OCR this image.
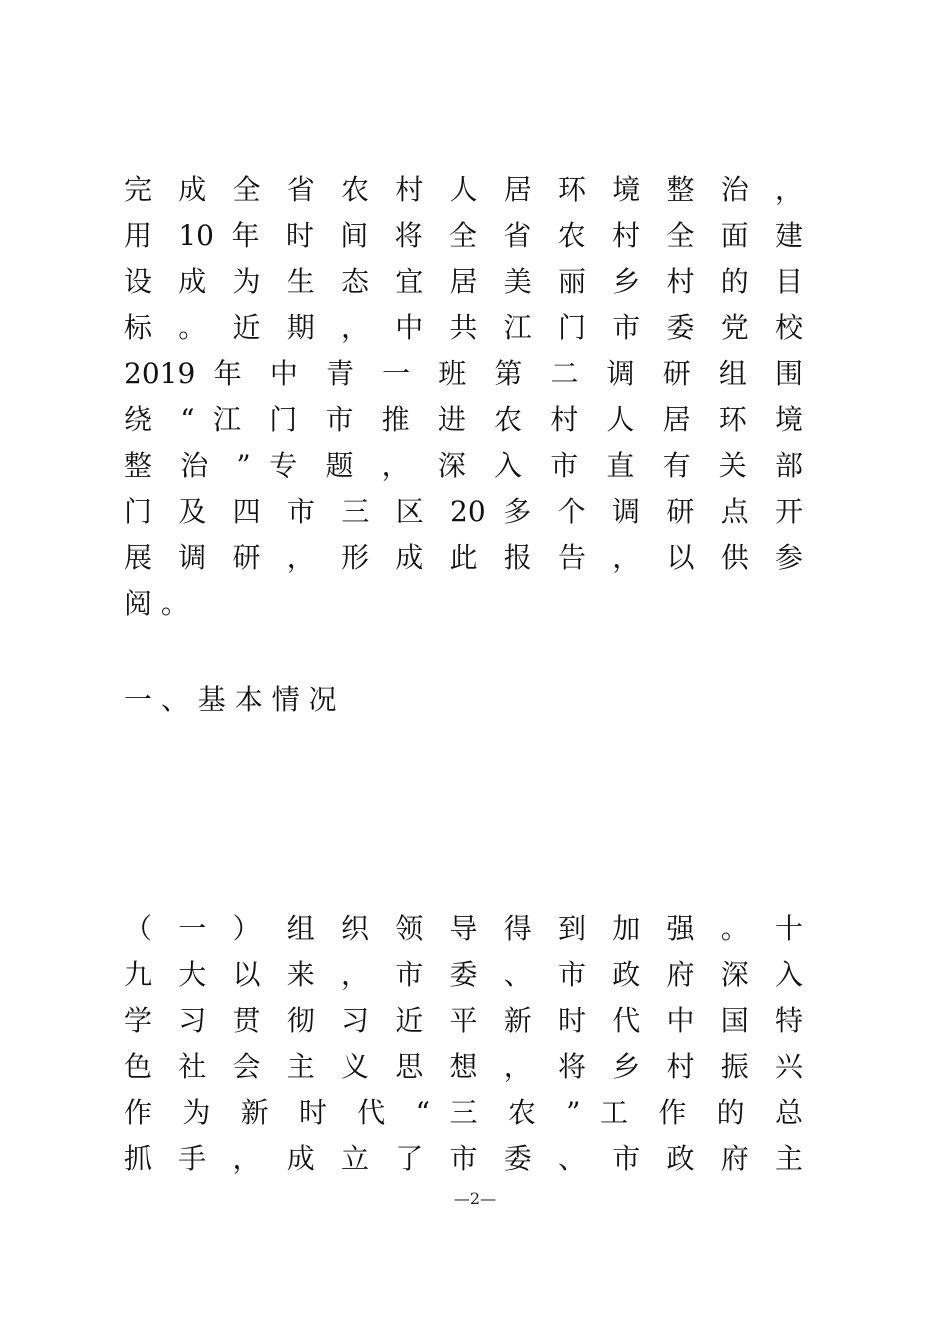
完 成 全 省 农 村 人 居 环 境 整 治 ，
用 10 年 时 间 将 全 省 农 村 全 面 建
设 成 为 生 态 宜 居 美 丽 乡 村 的 目
标 。 近 期 ， 中 共 江 门 市 委 党 校
2019 年 中 青 一 班 第 二 调 研 组 围
绕 “ 江 门 市 推 进 农 村 人 居 环 境
整 治 ” 专 题 ， 深 入 市 直 有 关 部
门 及 四 市 三 区 20 多 个 调 研 点 开
展 调 研 ， 形 成 此 报 告 ， 以 供 参
阅 。
一 、 基 本 情 况
（ 一 ） 组 织 领 导 得 到 加 强 。 十
九 大 以 来 ， 市 委 、 市 政 府 深 入
学 习 贯 彻 习 近 平 新 时 代 中 国 特
色 社 会 主 义 思 想 ， 将 乡 村 振 兴
作 为 新 时 代 “ 三 农 ” 工 作 的 总
抓 手 ， 成 立 了 市 委 、 市 政 府 主
—2—
